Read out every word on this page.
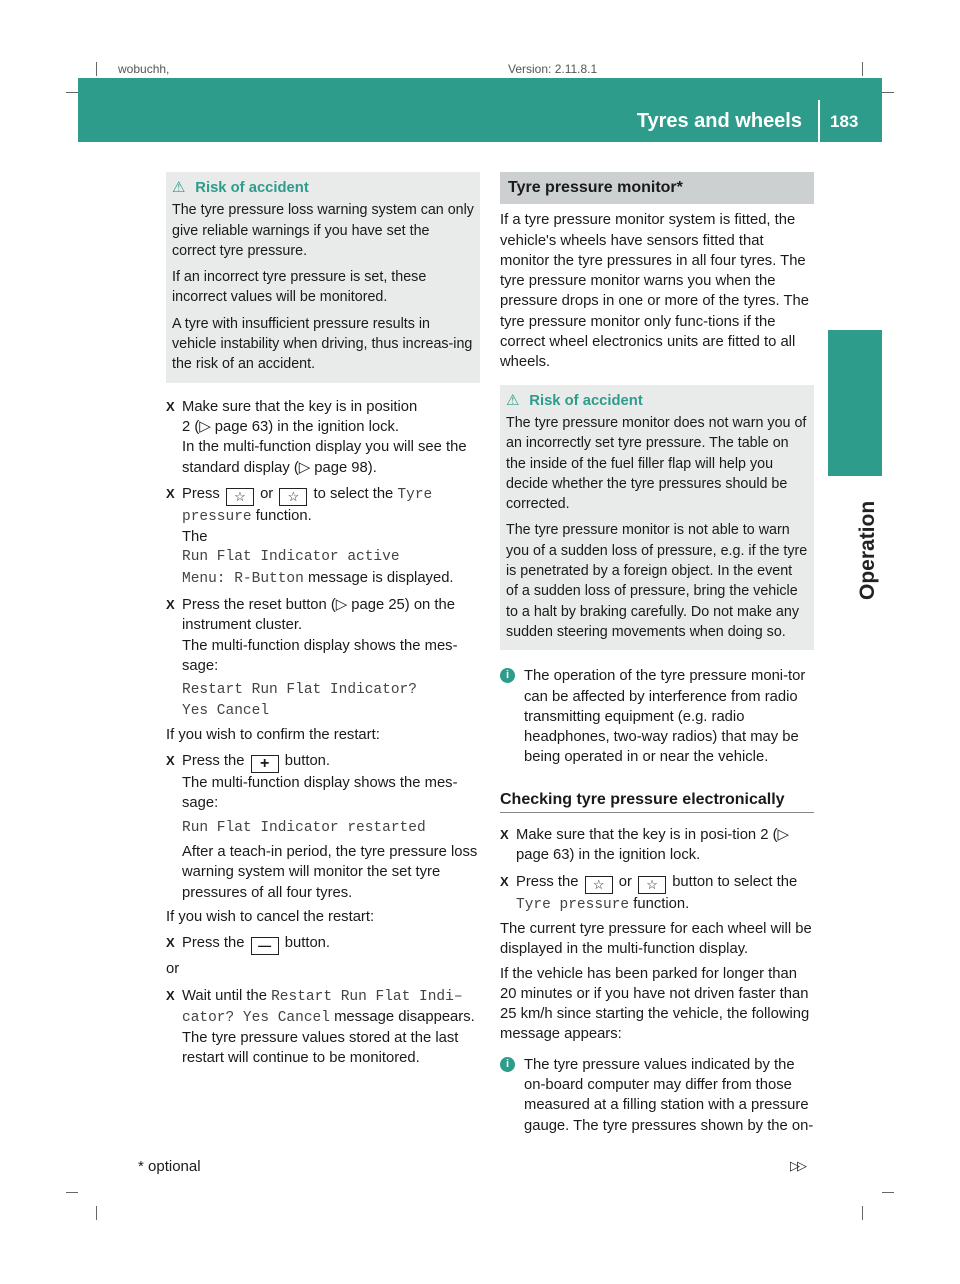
wobuchh,	Version: 2.11.8.1
Tyres and wheels 183
Operation
⚠ Risk of accident

The tyre pressure loss warning system can only give reliable warnings if you have set the correct tyre pressure.

If an incorrect tyre pressure is set, these incorrect values will be monitored.

A tyre with insufficient pressure results in vehicle instability when driving, thus increas-ing the risk of an accident.

X Make sure that the key is in position
2 (▷ page 63) in the ignition lock.
In the multi-function display you will see the standard display (▷ page 98).
X Press ☆ or ☆ to select the Tyre
pressure function.
The
Run Flat Indicator active
Menu: R-Button message is displayed.
X Press the reset button (▷ page 25) on the instrument cluster.
The multi-function display shows the mes-sage:
Restart Run Flat Indicator?
Yes Cancel

If you wish to confirm the restart:

X Press the + button.
The multi-function display shows the mes-sage:
Run Flat Indicator restarted
After a teach-in period, the tyre pressure loss warning system will monitor the set tyre pressures of all four tyres.

If you wish to cancel the restart:

X Press the — button.

or

X Wait until the Restart Run Flat Indi–
cator? Yes Cancel message disappears.
The tyre pressure values stored at the last restart will continue to be monitored.
Tyre pressure monitor*

If a tyre pressure monitor system is fitted, the vehicle's wheels have sensors fitted that monitor the tyre pressures in all four tyres. The tyre pressure monitor warns you when the pressure drops in one or more of the tyres. The tyre pressure monitor only func-tions if the correct wheel electronics units are fitted to all wheels.

⚠ Risk of accident

The tyre pressure monitor does not warn you of an incorrectly set tyre pressure. The table on the inside of the fuel filler flap will help you decide whether the tyre pressures should be corrected.

The tyre pressure monitor is not able to warn you of a sudden loss of pressure, e.g. if the tyre is penetrated by a foreign object. In the event of a sudden loss of pressure, bring the vehicle to a halt by braking carefully. Do not make any sudden steering movements when doing so.

i	The operation of the tyre pressure moni-tor can be affected by interference from radio transmitting equipment (e.g. radio headphones, two-way radios) that may be being operated in or near the vehicle.
Checking tyre pressure electronically
X Make sure that the key is in posi-tion 2 (▷ page 63) in the ignition lock.
X Press the ☆ or ☆ button to select the
Tyre pressure function.

The current tyre pressure for each wheel will be displayed in the multi-function display.

If the vehicle has been parked for longer than 20 minutes or if you have not driven faster than 25 km/h since starting the vehicle, the following message appears:

i	The tyre pressure values indicated by the on-board computer may differ from those measured at a filling station with a pressure gauge. The tyre pressures shown by the on-
* optional	▷▷
